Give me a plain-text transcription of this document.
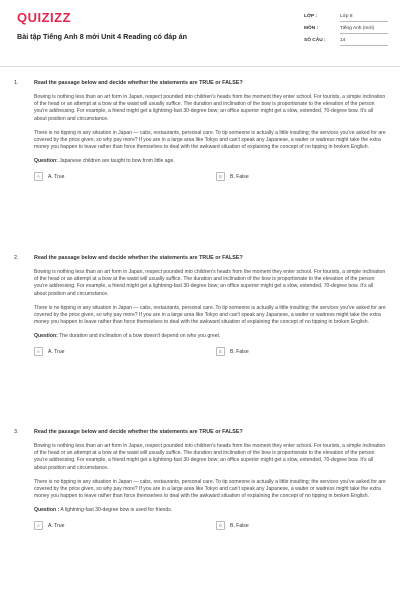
QUIZIZZ
Bài tập Tiếng Anh 8 mới Unit 4 Reading có đáp án
LỚP :	Lớp 8
MÔN :	Tiếng Anh (mới)
SỐ CÂU :	14
1.	Read the passage below and decide whether the statements are TRUE or FALSE?
Bowing is nothing less than an art form in Japan, respect pounded into children's heads from the moment they enter school. For tourists, a simple inclination of the head or an attempt at a bow at the waist will usually suffice. The duration and inclination of the bow is proportionate to the elevation of the person you're addressing. For example, a friend might get a lightning-fast 30-degree bow; an office superior might get a slow, extended, 70-degree bow. It's all about position and circumstance.
There is no tipping in any situation in Japan — cabs, restaurants, personal care. To tip someone is actually a little insulting; the services you've asked for are covered by the price given, so why pay more? If you are in a large area like Tokyo and can't speak any Japanese, a waiter or waitress might take the extra money you happen to leave rather than force themselves to deal with the awkward situation of explaining the concept of no tipping in broken English.
Question: Japanese children are taught to bow from little age.
A	A. True	B	B. False
2.	Read the passage below and decide whether the statements are TRUE or FALSE?
Bowing is nothing less than an art form in Japan, respect pounded into children's heads from the moment they enter school. For tourists, a simple inclination of the head or an attempt at a bow at the waist will usually suffice. The duration and inclination of the bow is proportionate to the elevation of the person you're addressing. For example, a friend might get a lightning-fast 30-degree bow; an office superior might get a slow, extended, 70-degree bow. It's all about position and circumstance.
There is no tipping in any situation in Japan — cabs, restaurants, personal care. To tip someone is actually a little insulting; the services you've asked for are covered by the price given, so why pay more? If you are in a large area like Tokyo and can't speak any Japanese, a waiter or waitress might take the extra money you happen to leave rather than force themselves to deal with the awkward situation of explaining the concept of no tipping in broken English.
Question: The duration and inclination of a bow doesn't depend on who you greet.
A	A. True	B	B. False
3.	Read the passage below and decide whether the statements are TRUE or FALSE?
Bowing is nothing less than an art form in Japan, respect pounded into children's heads from the moment they enter school. For tourists, a simple inclination of the head or an attempt at a bow at the waist will usually suffice. The duration and inclination of the bow is proportionate to the elevation of the person you're addressing. For example, a friend might get a lightning-fast 30-degree bow; an office superior might get a slow, extended, 70-degree bow. It's all about position and circumstance.
There is no tipping in any situation in Japan — cabs, restaurants, personal care. To tip someone is actually a little insulting; the services you've asked for are covered by the price given, so why pay more? If you are in a large area like Tokyo and can't speak any Japanese, a waiter or waitress might take the extra money you happen to leave rather than force themselves to deal with the awkward situation of explaining the concept of no tipping in broken English.
Question : A lightning-fast 30-degree bow is used for friends.
A	A. True	B	B. False
